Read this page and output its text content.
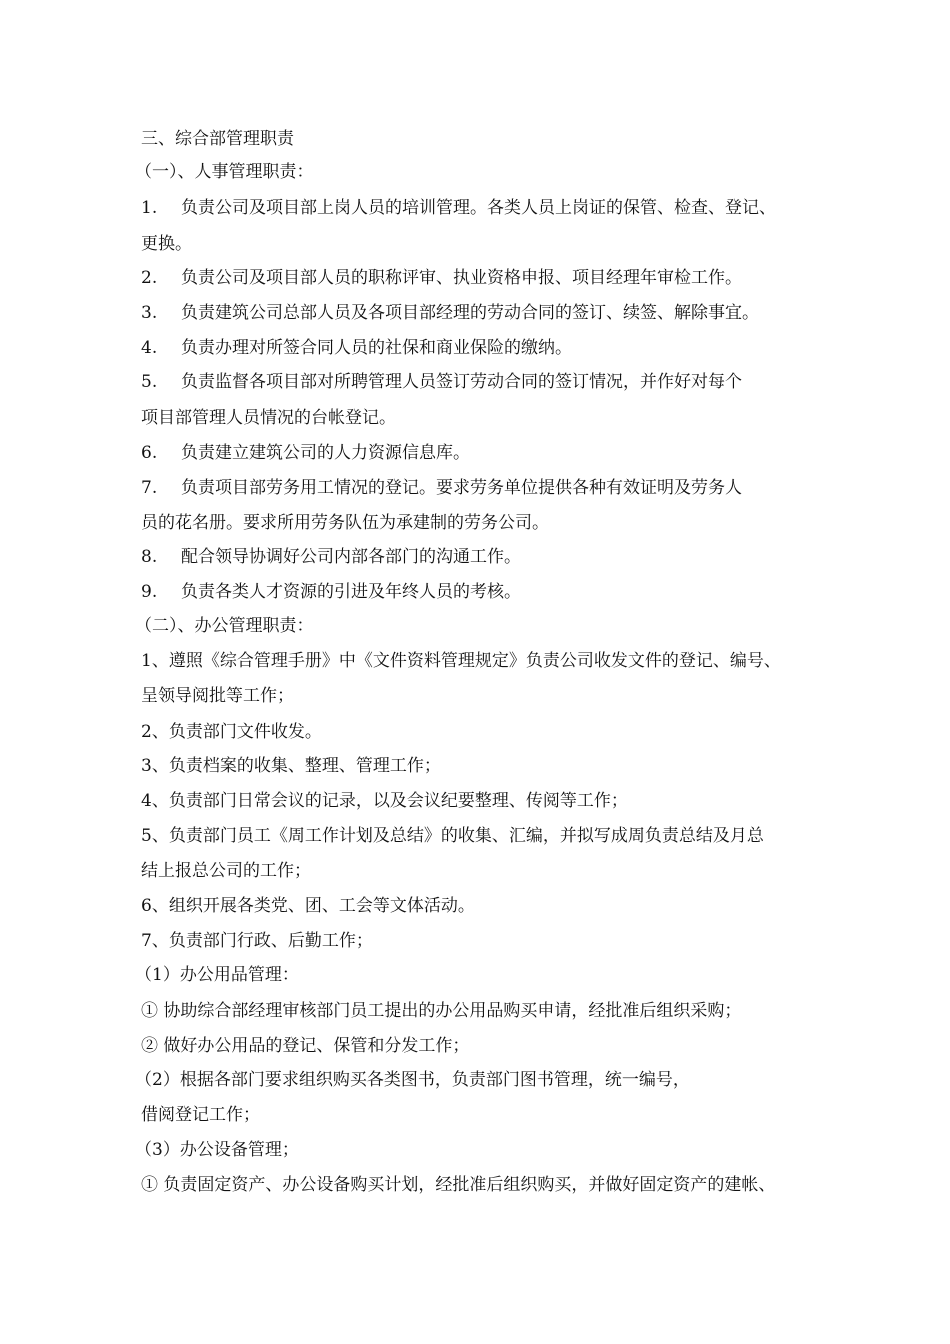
三、综合部管理职责
（一）、人事管理职责：
1. 负责公司及项目部上岗人员的培训管理。各类人员上岗证的保管、检查、登记、
更换。
2. 负责公司及项目部人员的职称评审、执业资格申报、项目经理年审检工作。
3. 负责建筑公司总部人员及各项目部经理的劳动合同的签订、续签、解除事宜。
4. 负责办理对所签合同人员的社保和商业保险的缴纳。
5. 负责监督各项目部对所聘管理人员签订劳动合同的签订情况，并作好对每个
项目部管理人员情况的台帐登记。
6. 负责建立建筑公司的人力资源信息库。
7. 负责项目部劳务用工情况的登记。要求劳务单位提供各种有效证明及劳务人
员的花名册。要求所用劳务队伍为承建制的劳务公司。
8. 配合领导协调好公司内部各部门的沟通工作。
9. 负责各类人才资源的引进及年终人员的考核。
（二）、办公管理职责：
1、遵照《综合管理手册》中《文件资料管理规定》负责公司收发文件的登记、编号、
呈领导阅批等工作；
2、负责部门文件收发。
3、负责档案的收集、整理、管理工作；
4、负责部门日常会议的记录，以及会议纪要整理、传阅等工作；
5、负责部门员工《周工作计划及总结》的收集、汇编，并拟写成周负责总结及月总
结上报总公司的工作；
6、组织开展各类党、团、工会等文体活动。
7、负责部门行政、后勤工作；
（1）办公用品管理：
① 协助综合部经理审核部门员工提出的办公用品购买申请，经批准后组织采购；
② 做好办公用品的登记、保管和分发工作；
（2）根据各部门要求组织购买各类图书，负责部门图书管理，统一编号，
借阅登记工作；
（3）办公设备管理；
① 负责固定资产、办公设备购买计划，经批准后组织购买，并做好固定资产的建帐、
